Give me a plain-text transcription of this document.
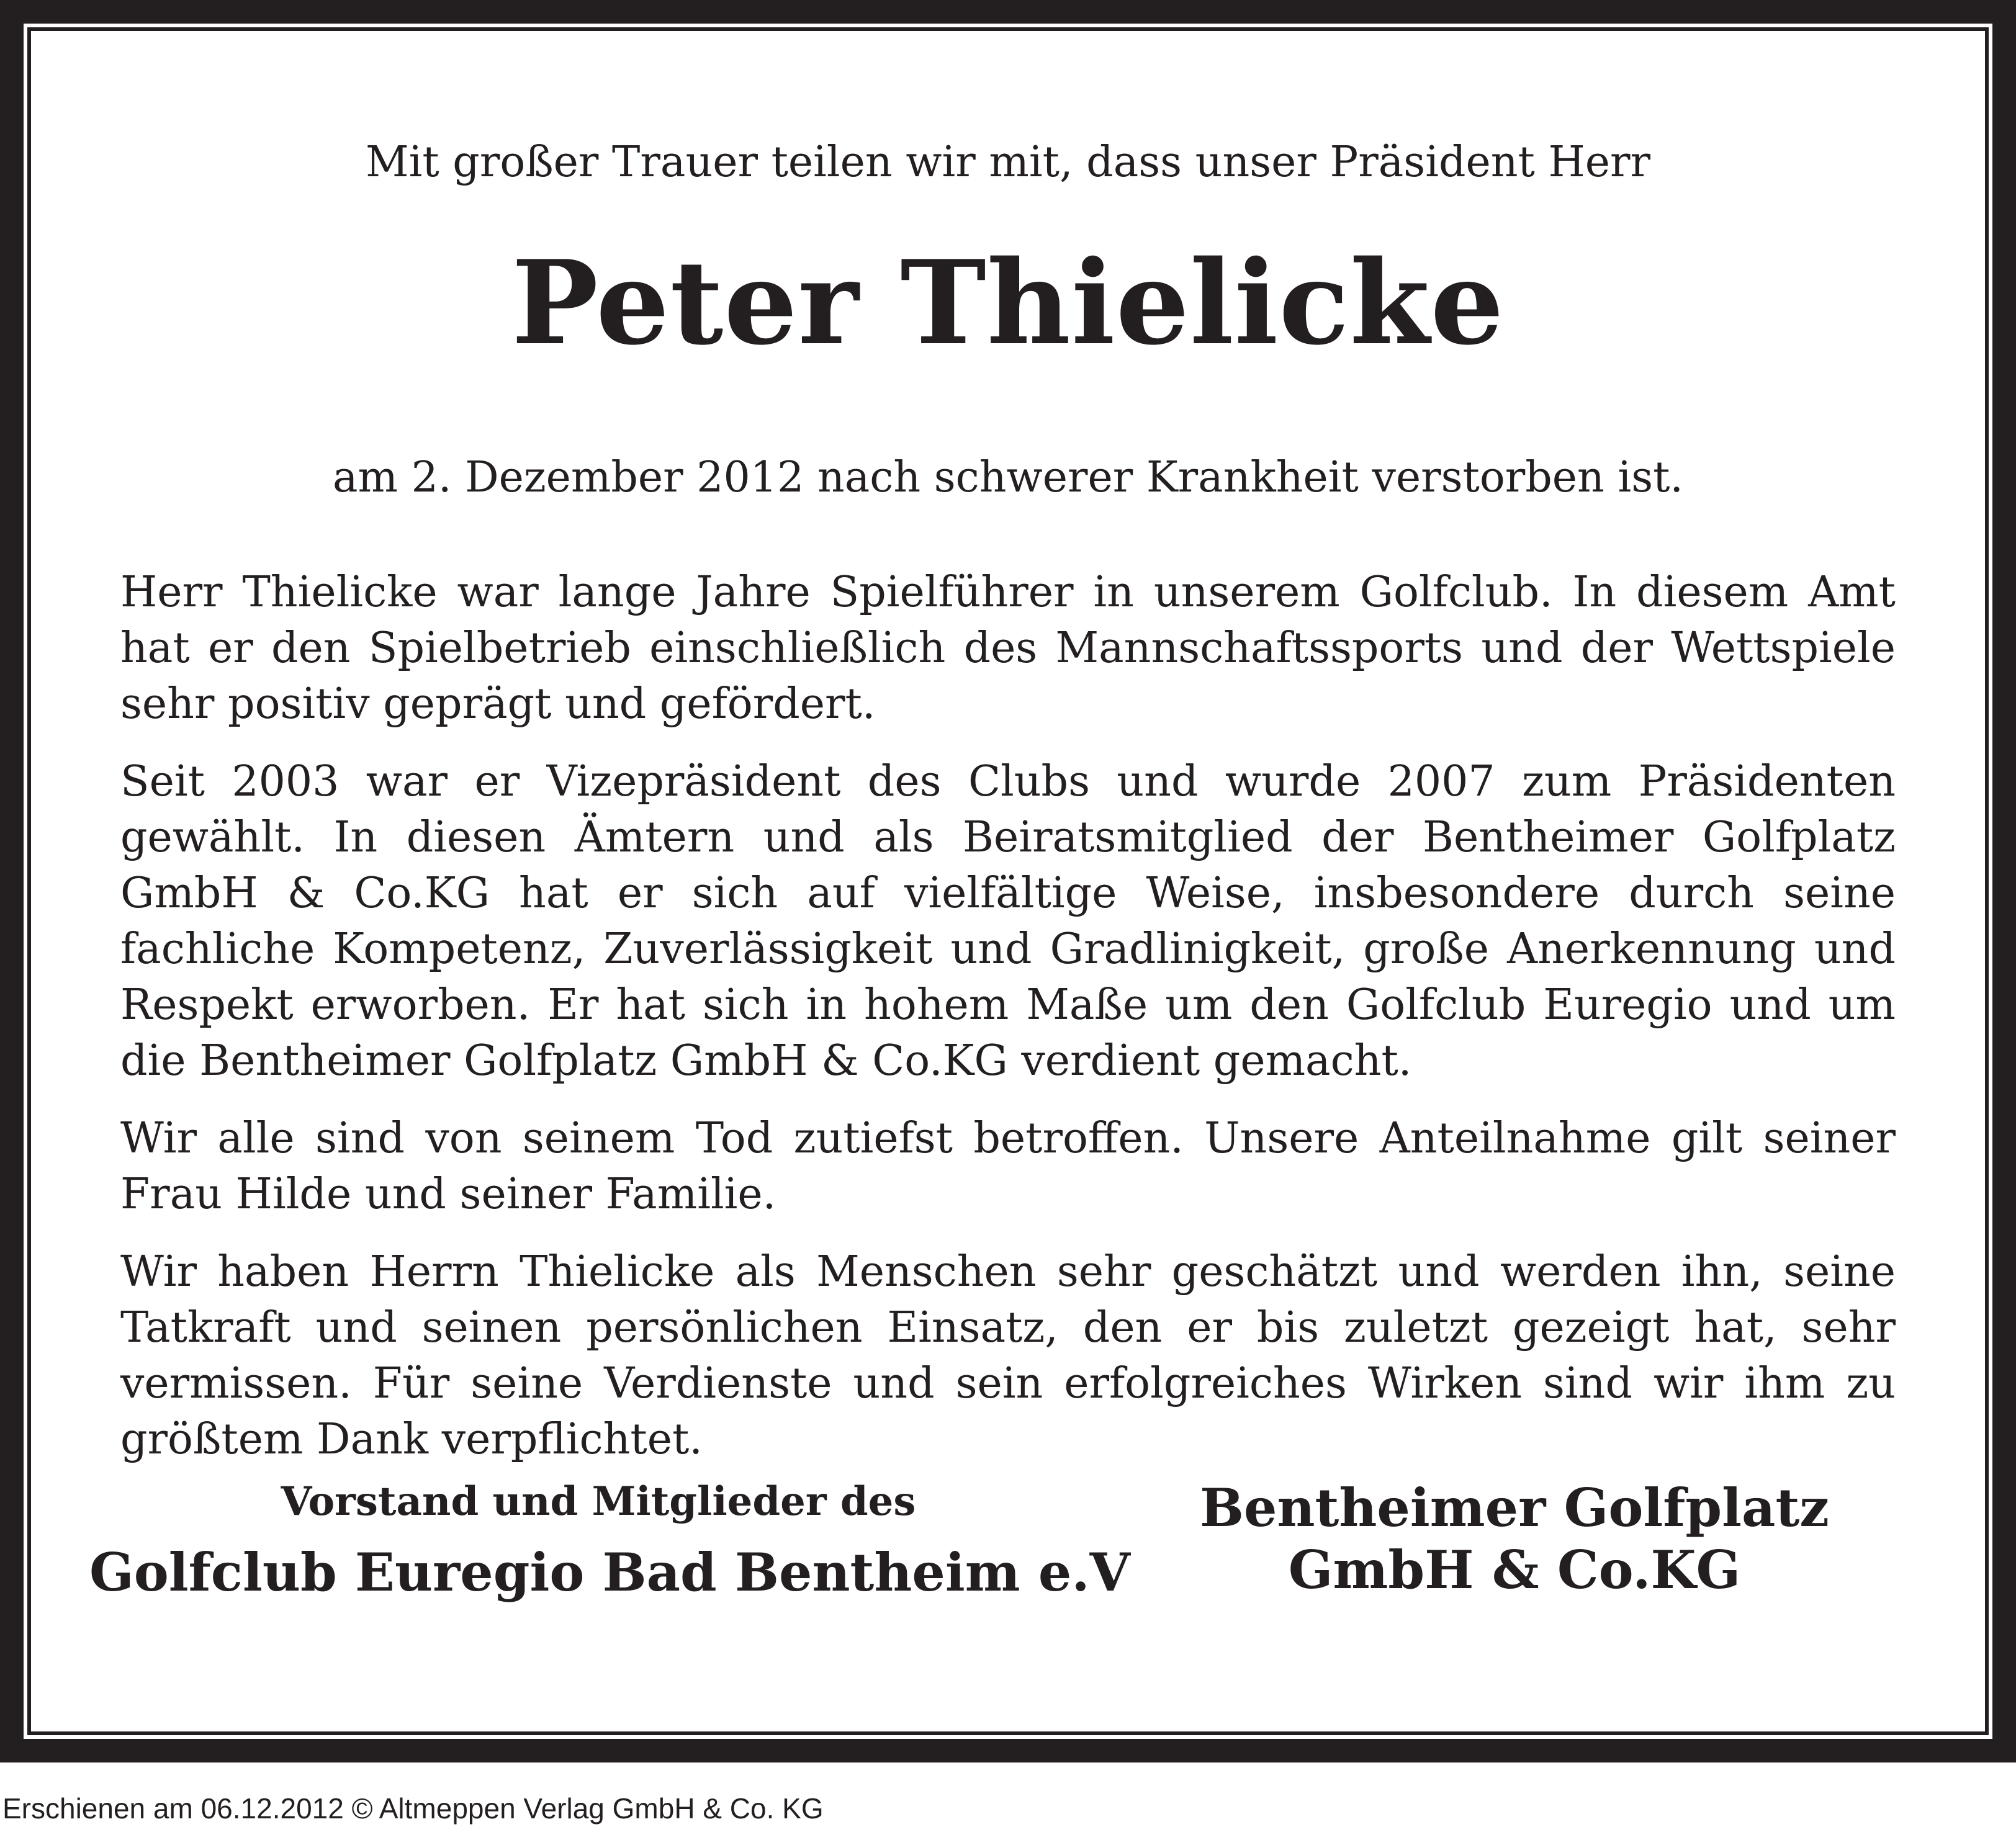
Mit großer Trauer teilen wir mit, dass unser Präsident Herr
Peter Thielicke
am 2. Dezember 2012 nach schwerer Krankheit verstorben ist.

Herr Thielicke war lange Jahre Spielführer in unserem Golfclub. In diesem Amt hat er den Spielbetrieb einschließlich des Mannschaftssports und der Wettspiele sehr positiv geprägt und gefördert.

Seit 2003 war er Vizepräsident des Clubs und wurde 2007 zum Präsidenten gewählt. In diesen Ämtern und als Beiratsmitglied der Bentheimer Golfplatz GmbH & Co.KG hat er sich auf vielfältige Weise, insbesondere durch seine fachliche Kompetenz, Zuverlässigkeit und Gradlinigkeit, große Anerkennung und Respekt erworben. Er hat sich in hohem Maße um den Golfclub Euregio und um die Bentheimer Golfplatz GmbH & Co.KG verdient gemacht.

Wir alle sind von seinem Tod zutiefst betroffen. Unsere Anteilnahme gilt seiner Frau Hilde und seiner Familie.

Wir haben Herrn Thielicke als Menschen sehr geschätzt und werden ihn, seine Tatkraft und seinen persönlichen Einsatz, den er bis zuletzt gezeigt hat, sehr vermissen. Für seine Verdienste und sein erfolgreiches Wirken sind wir ihm zu größtem Dank verpflichtet.

Vorstand und Mitglieder des
Golfclub Euregio Bad Bentheim e.V
Bentheimer Golfplatz
GmbH & Co.KG
Erschienen am 06.12.2012 © Altmeppen Verlag GmbH & Co. KG
